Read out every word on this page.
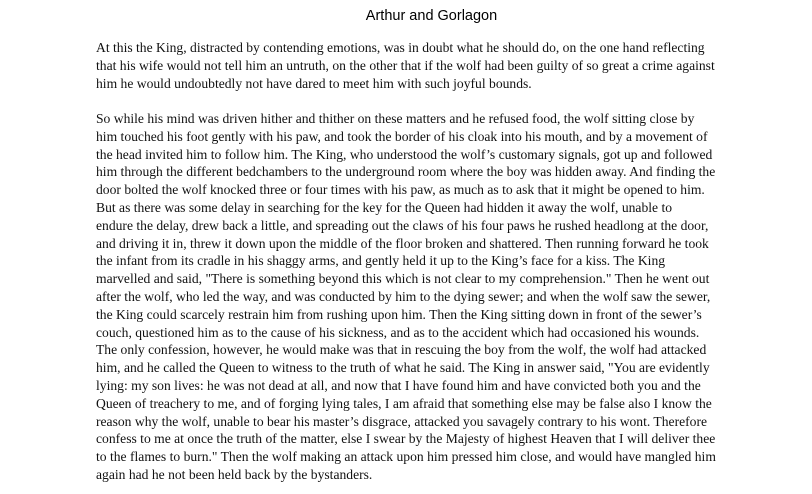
Arthur and Gorlagon

At this the King, distracted by contending emotions, was in doubt what he should do, on the one hand reflecting
that his wife would not tell him an untruth, on the other that if the wolf had been guilty of so great a crime against
him he would undoubtedly not have dared to meet him with such joyful bounds.

So while his mind was driven hither and thither on these matters and he refused food, the wolf sitting close by
him touched his foot gently with his paw, and took the border of his cloak into his mouth, and by a movement of
the head invited him to follow him. The King, who understood the wolf’s customary signals, got up and followed
him through the different bedchambers to the underground room where the boy was hidden away. And finding the
door bolted the wolf knocked three or four times with his paw, as much as to ask that it might be opened to him.
But as there was some delay in searching for the key for the Queen had hidden it away the wolf, unable to
endure the delay, drew back a little, and spreading out the claws of his four paws he rushed headlong at the door,
and driving it in, threw it down upon the middle of the floor broken and shattered. Then running forward he took
the infant from its cradle in his shaggy arms, and gently held it up to the King’s face for a kiss. The King
marvelled and said, "There is something beyond this which is not clear to my comprehension." Then he went out
after the wolf, who led the way, and was conducted by him to the dying sewer; and when the wolf saw the sewer,
the King could scarcely restrain him from rushing upon him. Then the King sitting down in front of the sewer’s
couch, questioned him as to the cause of his sickness, and as to the accident which had occasioned his wounds.
The only confession, however, he would make was that in rescuing the boy from the wolf, the wolf had attacked
him, and he called the Queen to witness to the truth of what he said. The King in answer said, "You are evidently
lying: my son lives: he was not dead at all, and now that I have found him and have convicted both you and the
Queen of treachery to me, and of forging lying tales, I am afraid that something else may be false also I know the
reason why the wolf, unable to bear his master’s disgrace, attacked you savagely contrary to his wont. Therefore
confess to me at once the truth of the matter, else I swear by the Majesty of highest Heaven that I will deliver thee
to the flames to burn." Then the wolf making an attack upon him pressed him close, and would have mangled him
again had he not been held back by the bystanders.
